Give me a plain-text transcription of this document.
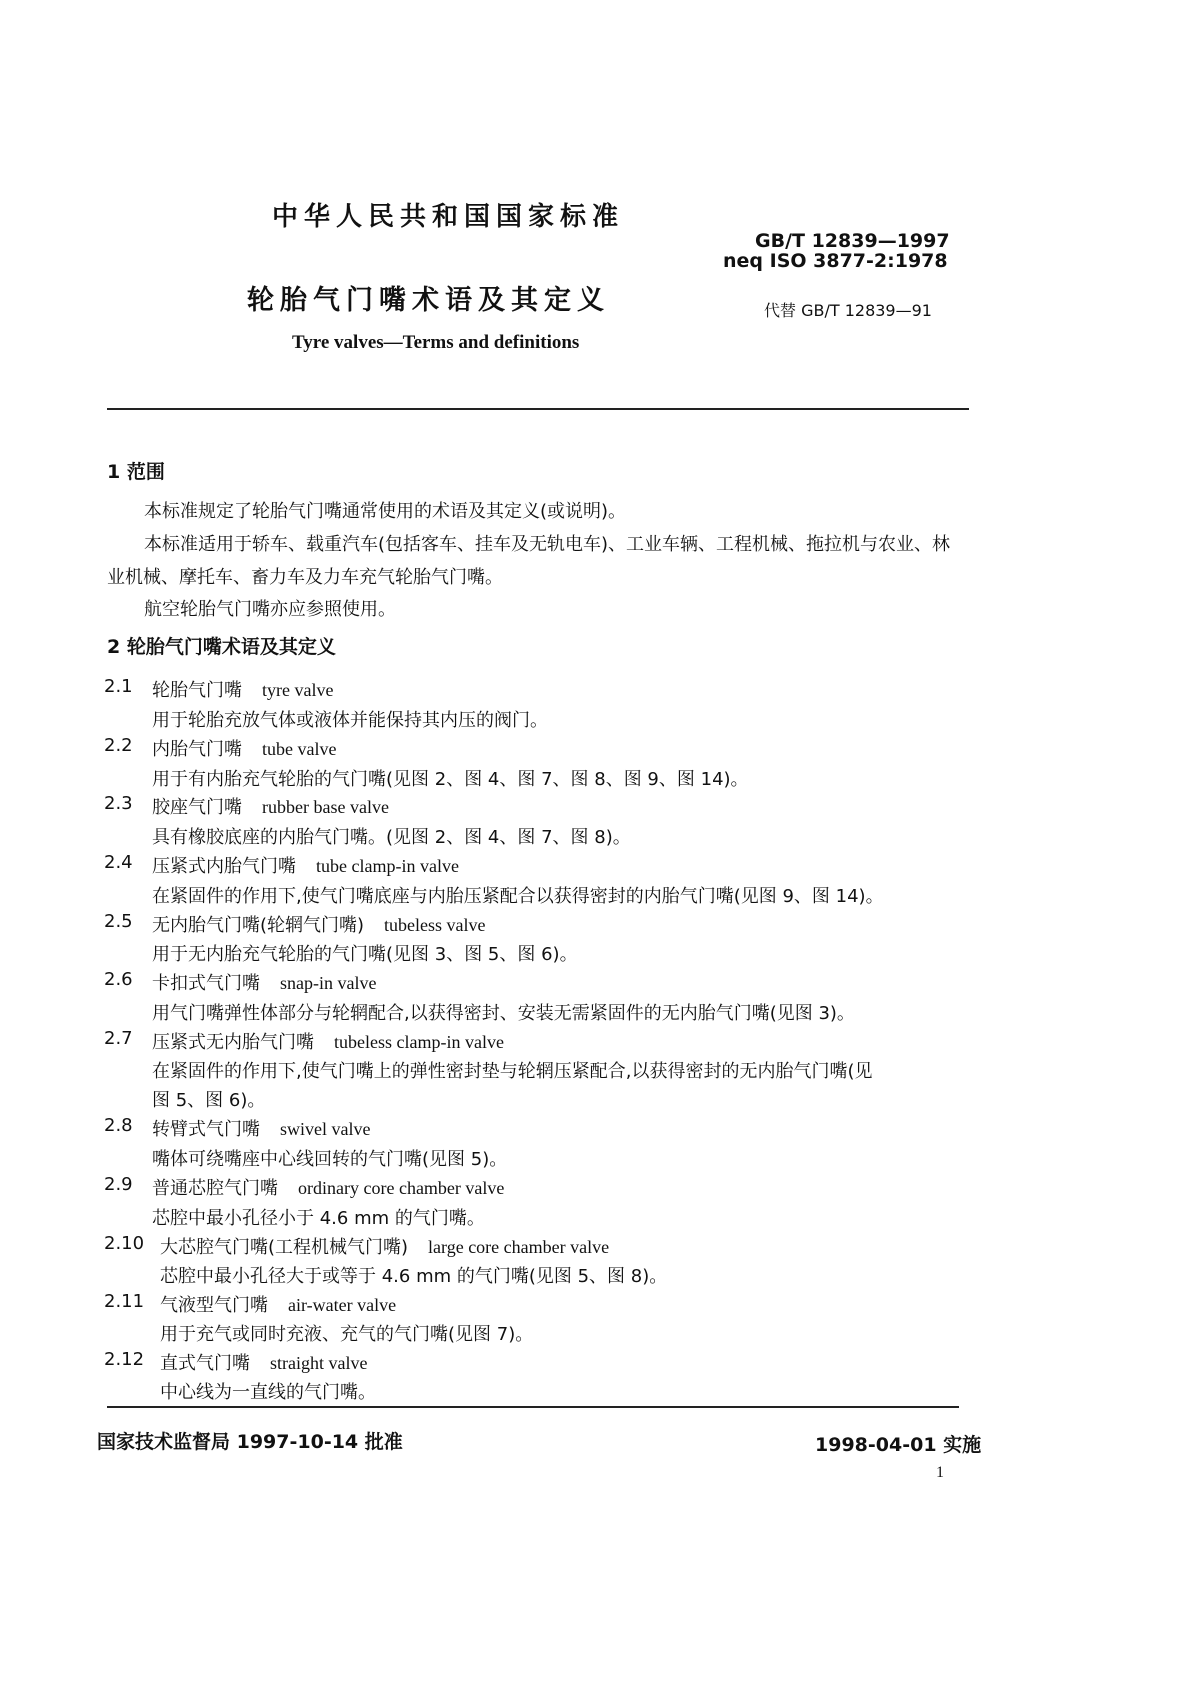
中华人民共和国国家标准
GB/T 12839—1997
neq ISO 3877-2:1978
轮胎气门嘴术语及其定义	代替 GB/T 12839—91
Tyre valves—Terms and definitions
1 范围
本标准规定了轮胎气门嘴通常使用的术语及其定义(或说明)。
本标准适用于轿车、载重汽车(包括客车、挂车及无轨电车)、工业车辆、工程机械、拖拉机与农业、林
业机械、摩托车、畜力车及力车充气轮胎气门嘴。
航空轮胎气门嘴亦应参照使用。
2 轮胎气门嘴术语及其定义
2.1 轮胎气门嘴 tyre valve
用于轮胎充放气体或液体并能保持其内压的阀门。
2.2 内胎气门嘴 tube valve
用于有内胎充气轮胎的气门嘴(见图 2、图 4、图 7、图 8、图 9、图 14)。
2.3 胶座气门嘴 rubber base valve
具有橡胶底座的内胎气门嘴。(见图 2、图 4、图 7、图 8)。
2.4 压紧式内胎气门嘴 tube clamp-in valve
在紧固件的作用下,使气门嘴底座与内胎压紧配合以获得密封的内胎气门嘴(见图 9、图 14)。
2.5 无内胎气门嘴(轮辋气门嘴) tubeless valve
用于无内胎充气轮胎的气门嘴(见图 3、图 5、图 6)。
2.6 卡扣式气门嘴 snap-in valve
用气门嘴弹性体部分与轮辋配合,以获得密封、安装无需紧固件的无内胎气门嘴(见图 3)。
2.7 压紧式无内胎气门嘴 tubeless clamp-in valve
在紧固件的作用下,使气门嘴上的弹性密封垫与轮辋压紧配合,以获得密封的无内胎气门嘴(见
图 5、图 6)。
2.8 转臂式气门嘴 swivel valve
嘴体可绕嘴座中心线回转的气门嘴(见图 5)。
2.9 普通芯腔气门嘴 ordinary core chamber valve
芯腔中最小孔径小于 4.6 mm 的气门嘴。
2.10 大芯腔气门嘴(工程机械气门嘴) large core chamber valve
芯腔中最小孔径大于或等于 4.6 mm 的气门嘴(见图 5、图 8)。
2.11 气液型气门嘴 air-water valve
用于充气或同时充液、充气的气门嘴(见图 7)。
2.12 直式气门嘴 straight valve
中心线为一直线的气门嘴。
国家技术监督局 1997-10-14 批准	1998-04-01 实施
1
